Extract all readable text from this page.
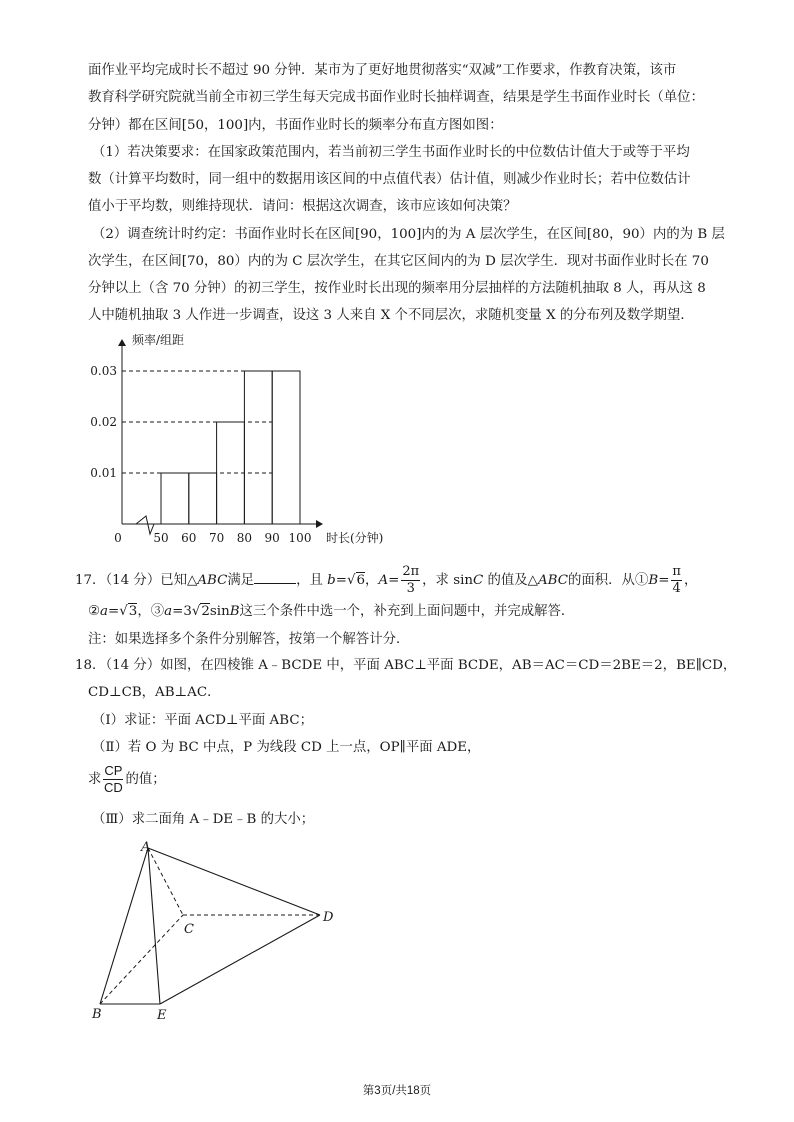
面作业平均完成时长不超过 90 分钟．某市为了更好地贯彻落实“双减”工作要求，作教育决策，该市
教育科学研究院就当前全市初三学生每天完成书面作业时长抽样调查，结果是学生书面作业时长（单位：
分钟）都在区间[50，100]内，书面作业时长的频率分布直方图如图：
（1）若决策要求：在国家政策范围内，若当前初三学生书面作业时长的中位数估计值大于或等于平均
数（计算平均数时，同一组中的数据用该区间的中点值代表）估计值，则减少作业时长；若中位数估计
值小于平均数，则维持现状．请问：根据这次调查，该市应该如何决策？
（2）调查统计时约定：书面作业时长在区间[90，100]内的为 A 层次学生，在区间[80，90）内的为 B 层
次学生，在区间[70，80）内的为 C 层次学生，在其它区间内的为 D 层次学生．现对书面作业时长在 70
分钟以上（含 70 分钟）的初三学生，按作业时长出现的频率用分层抽样的方法随机抽取 8 人，再从这 8
人中随机抽取 3 人作进一步调查，设这 3 人来自 X 个不同层次，求随机变量 X 的分布列及数学期望．
0.01
0.02
0.03
50 60 70 80 90 100
频率/组距
时长(分钟)
0
17．（14 分）已知△ABC满足	，且 b=√6，$A= \frac{2\pi}{3}$ ，求 sinC 的值及△ABC的面积．从①B= $\frac{\pi}{4}$ ，
②a=√3，③a=3√2sinB这三个条件中选一个，补充到上面问题中，并完成解答．
注：如果选择多个条件分别解答，按第一个解答计分．
18．（14 分）如图，在四棱锥 A﹣BCDE 中，平面 ABC⊥平面 BCDE，AB＝AC＝CD＝2BE＝2，BE∥CD，
CD⊥CB，AB⊥AC．
（Ⅰ）求证：平面 ACD⊥平面 ABC；
（Ⅱ）若 O 为 BC 中点，P 为线段 CD 上一点，OP∥平面 ADE，
求 $\frac{CP}{CD}$ 的值；
（Ⅲ）求二面角 A﹣DE﹣B 的大小；
A
B
C
D
E
第3页/共18页
